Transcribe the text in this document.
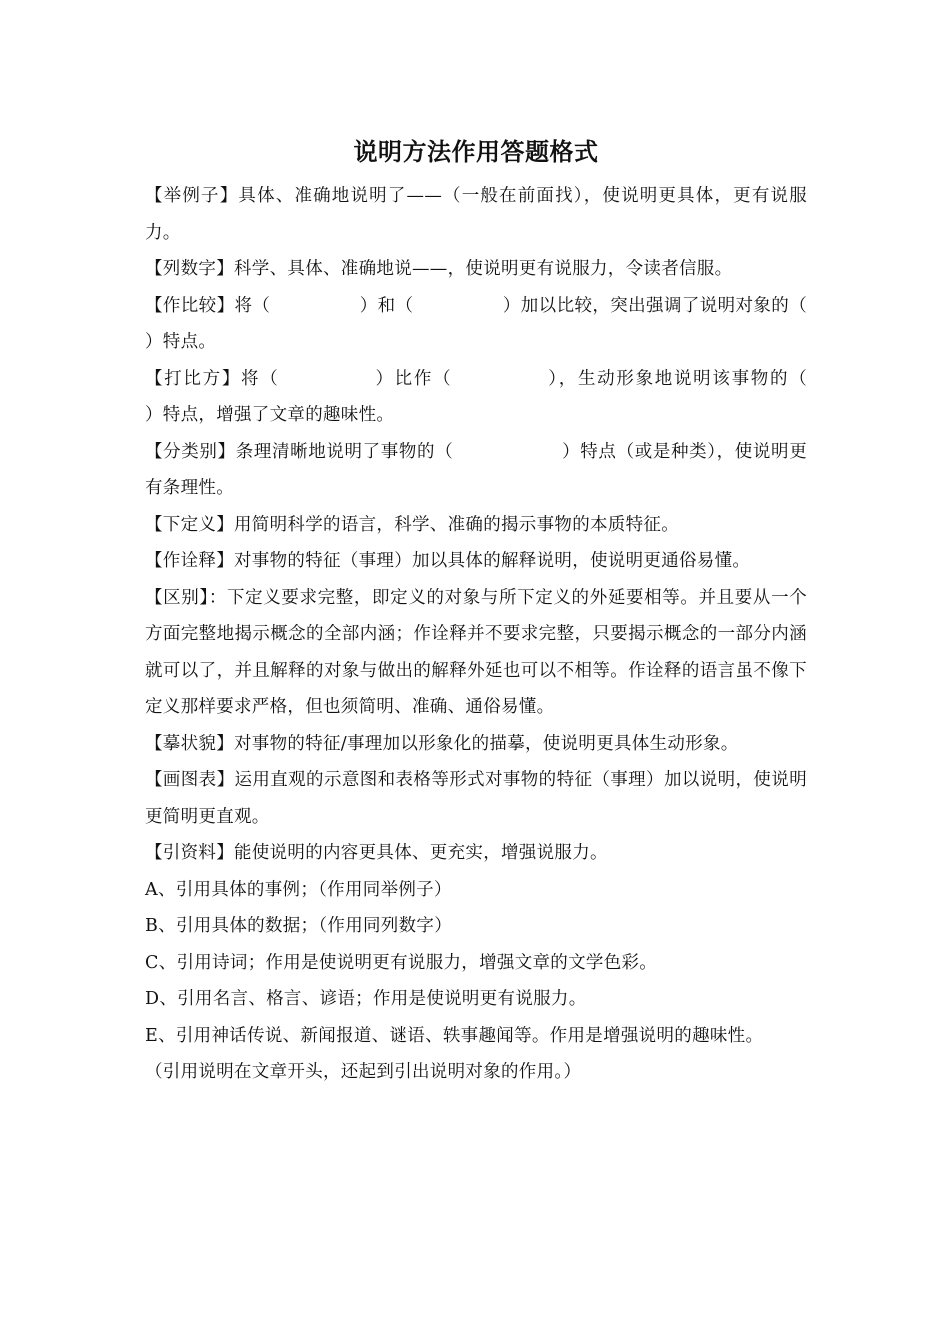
说明方法作用答题格式

【举例子】具体、准确地说明了——（一般在前面找），使说明更具体，更有说服力。

【列数字】科学、具体、准确地说——，使说明更有说服力，令读者信服。

【作比较】将（　　　　　）和（　　　　　）加以比较，突出强调了说明对象的（　　　）特点。

【打比方】将（　　　　　）比作（　　　　　），生动形象地说明该事物的（　　　　　）特点，增强了文章的趣味性。

【分类别】条理清晰地说明了事物的（　　　　　　）特点（或是种类），使说明更有条理性。

【下定义】用简明科学的语言，科学、准确的揭示事物的本质特征。

【作诠释】对事物的特征（事理）加以具体的解释说明，使说明更通俗易懂。

【区别】：下定义要求完整，即定义的对象与所下定义的外延要相等。并且要从一个方面完整地揭示概念的全部内涵；作诠释并不要求完整，只要揭示概念的一部分内涵就可以了，并且解释的对象与做出的解释外延也可以不相等。作诠释的语言虽不像下定义那样要求严格，但也须简明、准确、通俗易懂。

【摹状貌】对事物的特征/事理加以形象化的描摹，使说明更具体生动形象。

【画图表】运用直观的示意图和表格等形式对事物的特征（事理）加以说明，使说明更简明更直观。

【引资料】能使说明的内容更具体、更充实，增强说服力。

A、引用具体的事例；（作用同举例子）

B、引用具体的数据；（作用同列数字）

C、引用诗词；作用是使说明更有说服力，增强文章的文学色彩。

D、引用名言、格言、谚语；作用是使说明更有说服力。

E、引用神话传说、新闻报道、谜语、轶事趣闻等。作用是增强说明的趣味性。

（引用说明在文章开头，还起到引出说明对象的作用。）
